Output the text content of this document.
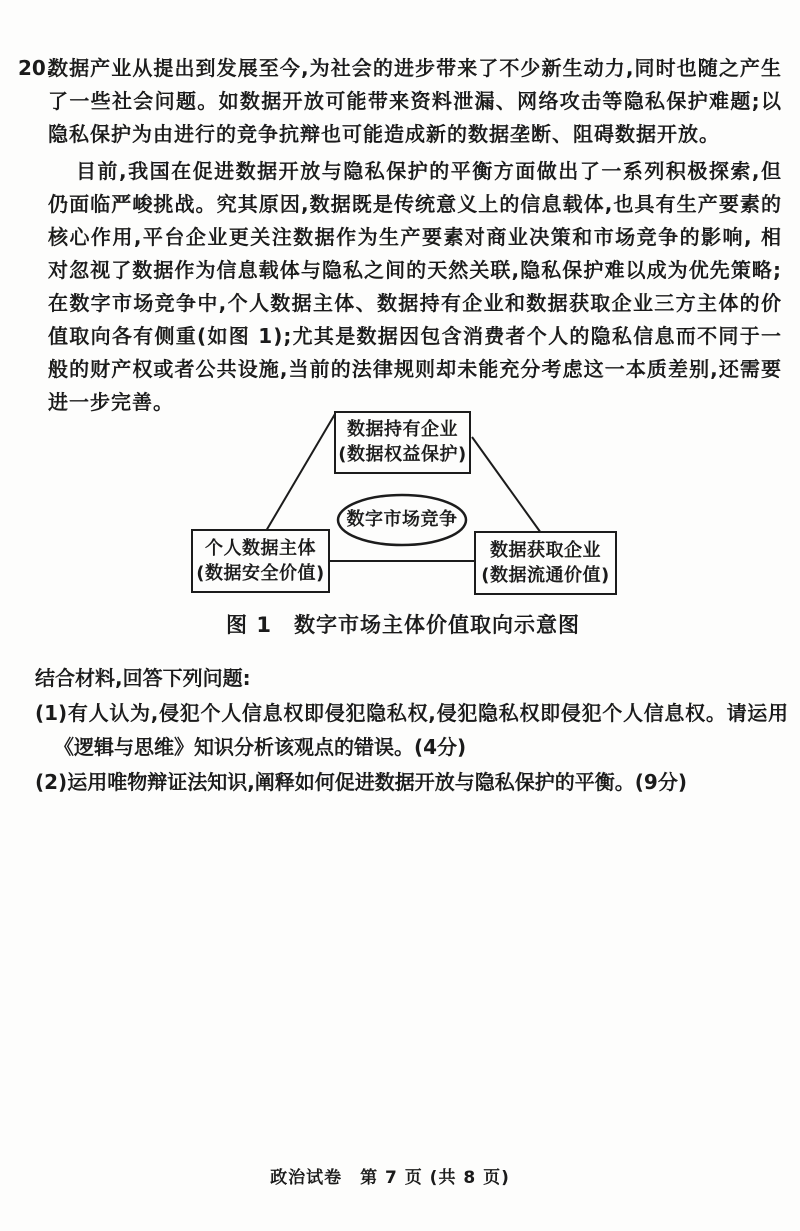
20.

数据产业从提出到发展至今,为社会的进步带来了不少新生动力,同时也随之产生了一些社会问题。如数据开放可能带来资料泄漏、网络攻击等隐私保护难题;以隐私保护为由进行的竞争抗辩也可能造成新的数据垄断、阻碍数据开放。

目前,我国在促进数据开放与隐私保护的平衡方面做出了一系列积极探索,但仍面临严峻挑战。究其原因,数据既是传统意义上的信息载体,也具有生产要素的核心作用,平台企业更关注数据作为生产要素对商业决策和市场竞争的影响, 相对忽视了数据作为信息载体与隐私之间的天然关联,隐私保护难以成为优先策略;在数字市场竞争中,个人数据主体、数据持有企业和数据获取企业三方主体的价值取向各有侧重(如图 1);尤其是数据因包含消费者个人的隐私信息而不同于一般的财产权或者公共设施,当前的法律规则却未能充分考虑这一本质差别,还需要进一步完善。

数据持有企业
(数据权益保护)
个人数据主体
(数据安全价值)
数据获取企业
(数据流通价值)
数字市场竞争
图 1　数字市场主体价值取向示意图

结合材料,回答下列问题:

(1)有人认为,侵犯个人信息权即侵犯隐私权,侵犯隐私权即侵犯个人信息权。请运用《逻辑与思维》知识分析该观点的错误。(4分)

(2)运用唯物辩证法知识,阐释如何促进数据开放与隐私保护的平衡。(9分)

政治试卷　第 7 页 (共 8 页)
